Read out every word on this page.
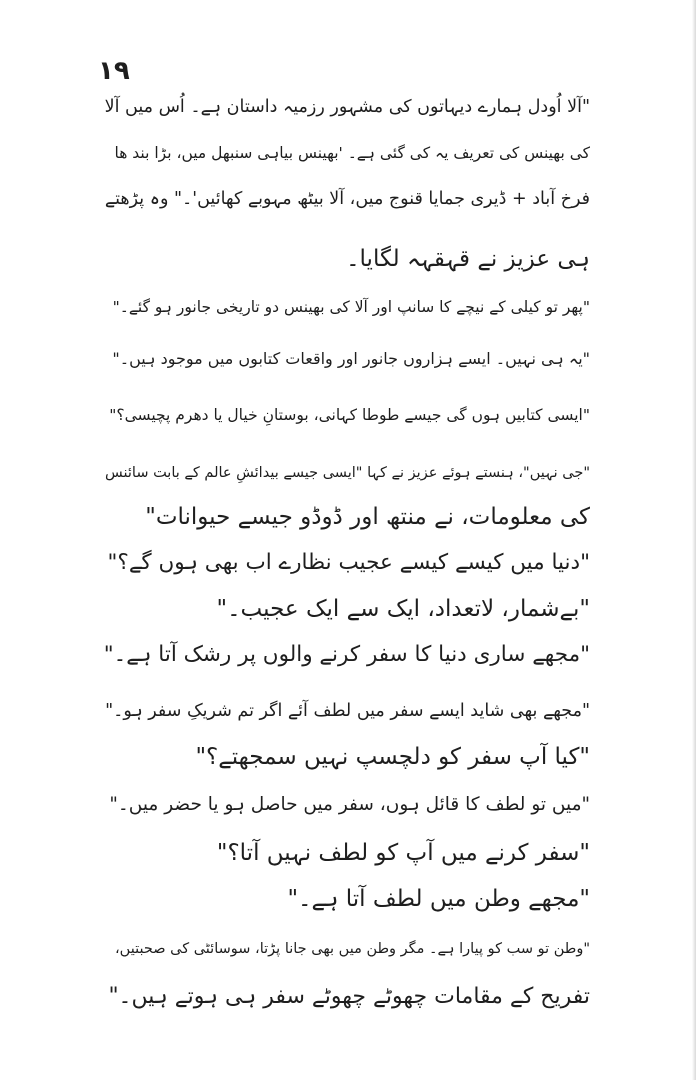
۱۹
"آلا اُودل ہمارے دیہاتوں کی مشہور رزمیہ داستان ہے۔ اُس میں آلا
کی بھینس کی تعریف یہ کی گئی ہے۔ 'بھینس بیاہی سنبھل میں، بڑا بند ھا
فرخ آباد + ڈیری جمایا قنوج میں، آلا بیٹھ مہوبے کھائیں'۔" وہ پڑھتے
ہی عزیز نے قہقہہ لگایا۔
"پھر تو کیلی کے نیچے کا سانپ اور آلا کی بھینس دو تاریخی جانور ہو گئے۔"
"یہ ہی نہیں۔ ایسے ہزاروں جانور اور واقعات کتابوں میں موجود ہیں۔"
"ایسی کتابیں ہوں گی جیسے طوطا کہانی، بوستانِ خیال یا دھرم پچیسی؟"
"جی نہیں"، ہنستے ہوئے عزیز نے کہا "ایسی جیسے بیدائشِ عالم کے بابت سائنس
کی معلومات، نے منتھ اور ڈوڈو جیسے حیوانات"
"دنیا میں کیسے کیسے عجیب نظارے اب بھی ہوں گے؟"
"بےشمار، لاتعداد، ایک سے ایک عجیب۔"
"مجھے ساری دنیا کا سفر کرنے والوں پر رشک آتا ہے۔"
"مجھے بھی شاید ایسے سفر میں لطف آئے اگر تم شریکِ سفر ہو۔"
"کیا آپ سفر کو دلچسپ نہیں سمجھتے؟"
"میں تو لطف کا قائل ہوں، سفر میں حاصل ہو یا حضر میں۔"
"سفر کرنے میں آپ کو لطف نہیں آتا؟"
"مجھے وطن میں لطف آتا ہے۔"
"وطن تو سب کو پیارا ہے۔ مگر وطن میں بھی جانا پڑتا، سوسائٹی کی صحبتیں،
تفریح کے مقامات چھوٹے چھوٹے سفر ہی ہوتے ہیں۔"
